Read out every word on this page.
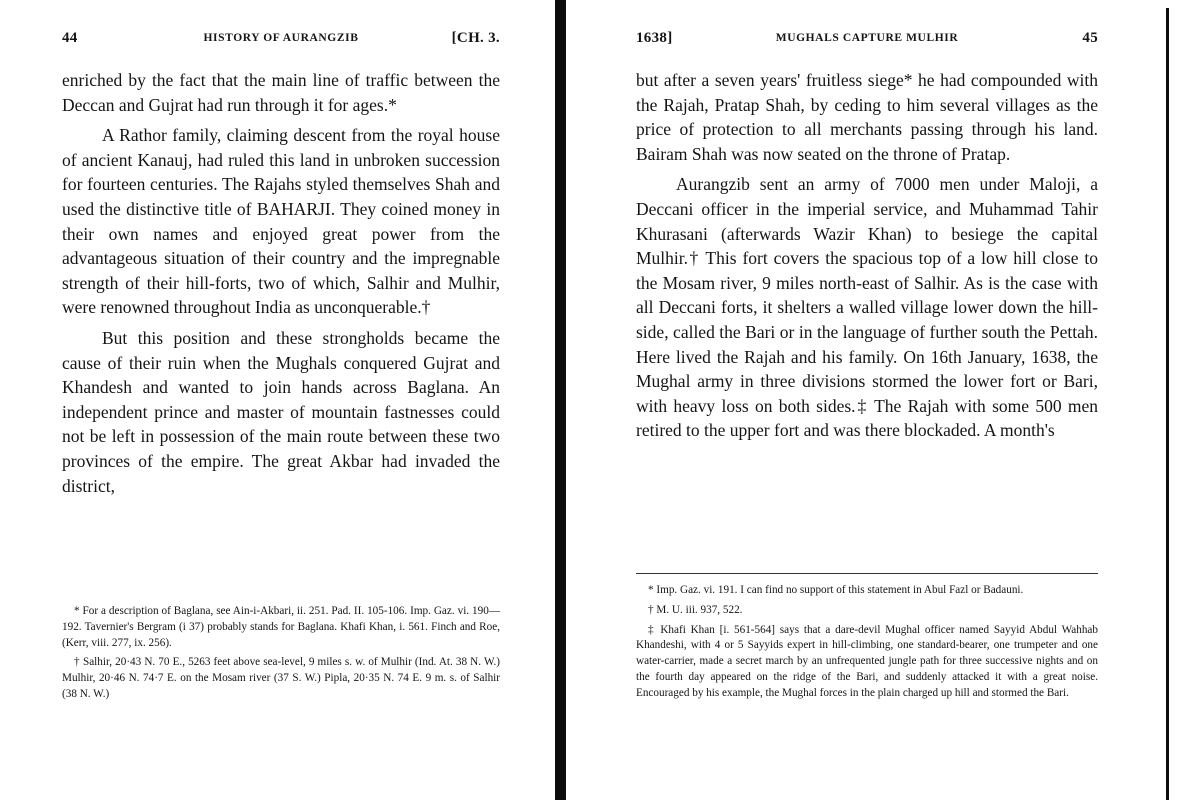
44	HISTORY OF AURANGZIB	[CH. 3.

enriched by the fact that the main line of traffic between the Deccan and Gujrat had run through it for ages.*

A Rathor family, claiming descent from the royal house of ancient Kanauj, had ruled this land in unbroken succession for fourteen centuries. The Rajahs styled themselves Shah and used the distinctive title of BAHARJI. They coined money in their own names and enjoyed great power from the advantageous situation of their country and the impregnable strength of their hill-forts, two of which, Salhir and Mulhir, were renowned throughout India as unconquerable.†

But this position and these strongholds became the cause of their ruin when the Mughals conquered Gujrat and Khandesh and wanted to join hands across Baglana. An independent prince and master of mountain fastnesses could not be left in possession of the main route between these two provinces of the empire. The great Akbar had invaded the district,

* For a description of Baglana, see Ain-i-Akbari, ii. 251. Pad. II. 105-106. Imp. Gaz. vi. 190—192. Tavernier's Bergram (i 37) probably stands for Baglana. Khafi Khan, i. 561. Finch and Roe, (Kerr, viii. 277, ix. 256).

† Salhir, 20·43 N. 70 E., 5263 feet above sea-level, 9 miles s. w. of Mulhir (Ind. At. 38 N. W.) Mulhir, 20·46 N. 74·7 E. on the Mosam river (37 S. W.) Pipla, 20·35 N. 74 E. 9 m. s. of Salhir (38 N. W.)

1638]	MUGHALS CAPTURE MULHIR	45

but after a seven years' fruitless siege* he had compounded with the Rajah, Pratap Shah, by ceding to him several villages as the price of protection to all merchants passing through his land. Bairam Shah was now seated on the throne of Pratap.

Aurangzib sent an army of 7000 men under Maloji, a Deccani officer in the imperial service, and Muhammad Tahir Khurasani (afterwards Wazir Khan) to besiege the capital Mulhir.† This fort covers the spacious top of a low hill close to the Mosam river, 9 miles north-east of Salhir. As is the case with all Deccani forts, it shelters a walled village lower down the hill-side, called the Bari or in the language of further south the Pettah. Here lived the Rajah and his family. On 16th January, 1638, the Mughal army in three divisions stormed the lower fort or Bari, with heavy loss on both sides.‡ The Rajah with some 500 men retired to the upper fort and was there blockaded. A month's

* Imp. Gaz. vi. 191. I can find no support of this statement in Abul Fazl or Badauni.

† M. U. iii. 937, 522.

‡ Khafi Khan [i. 561-564] says that a dare-devil Mughal officer named Sayyid Abdul Wahhab Khandeshi, with 4 or 5 Sayyids expert in hill-climbing, one standard-bearer, one trumpeter and one water-carrier, made a secret march by an unfrequented jungle path for three successive nights and on the fourth day appeared on the ridge of the Bari, and suddenly attacked it with a great noise. Encouraged by his example, the Mughal forces in the plain charged up hill and stormed the Bari.
